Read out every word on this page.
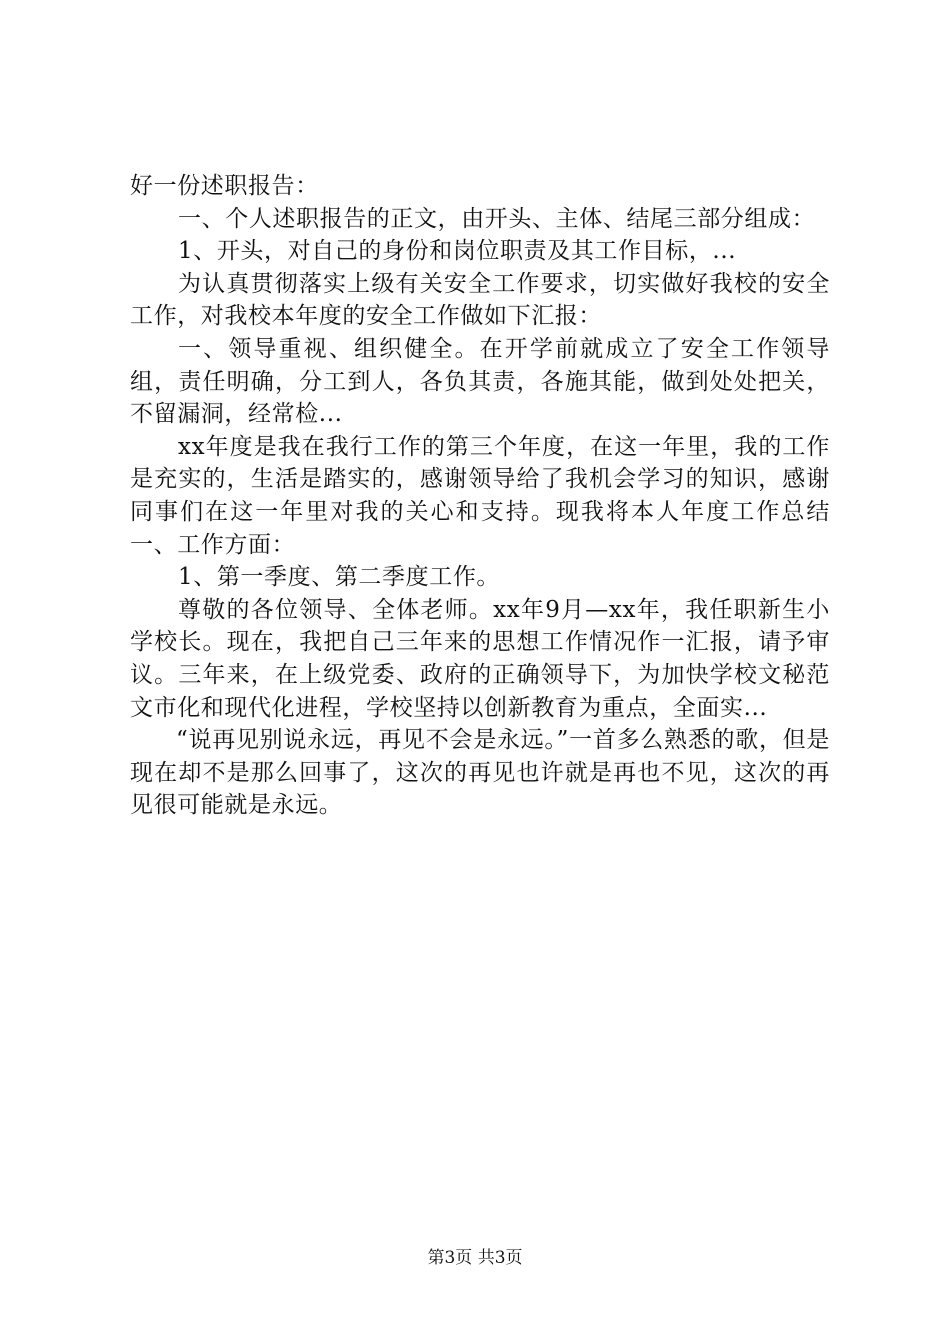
好一份述职报告：

一、个人述职报告的正文，由开头、主体、结尾三部分组成：

1、开头，对自己的身份和岗位职责及其工作目标，...

为认真贯彻落实上级有关安全工作要求，切实做好我校的安全工作，对我校本年度的安全工作做如下汇报：

一、领导重视、组织健全。在开学前就成立了安全工作领导组，责任明确，分工到人，各负其责，各施其能，做到处处把关，不留漏洞，经常检...

xx年度是我在我行工作的第三个年度，在这一年里，我的工作是充实的，生活是踏实的，感谢领导给了我机会学习的知识，感谢同事们在这一年里对我的关心和支持。现我将本人年度工作总结一、工作方面：

1、第一季度、第二季度工作。

尊敬的各位领导、全体老师。xx年9月—xx年，我任职新生小学校长。现在，我把自己三年来的思想工作情况作一汇报，请予审议。三年来，在上级党委、政府的正确领导下，为加快学校文秘范文市化和现代化进程，学校坚持以创新教育为重点，全面实...

“说再见别说永远，再见不会是永远。”一首多么熟悉的歌，但是现在却不是那么回事了，这次的再见也许就是再也不见，这次的再见很可能就是永远。

第3页 共3页
